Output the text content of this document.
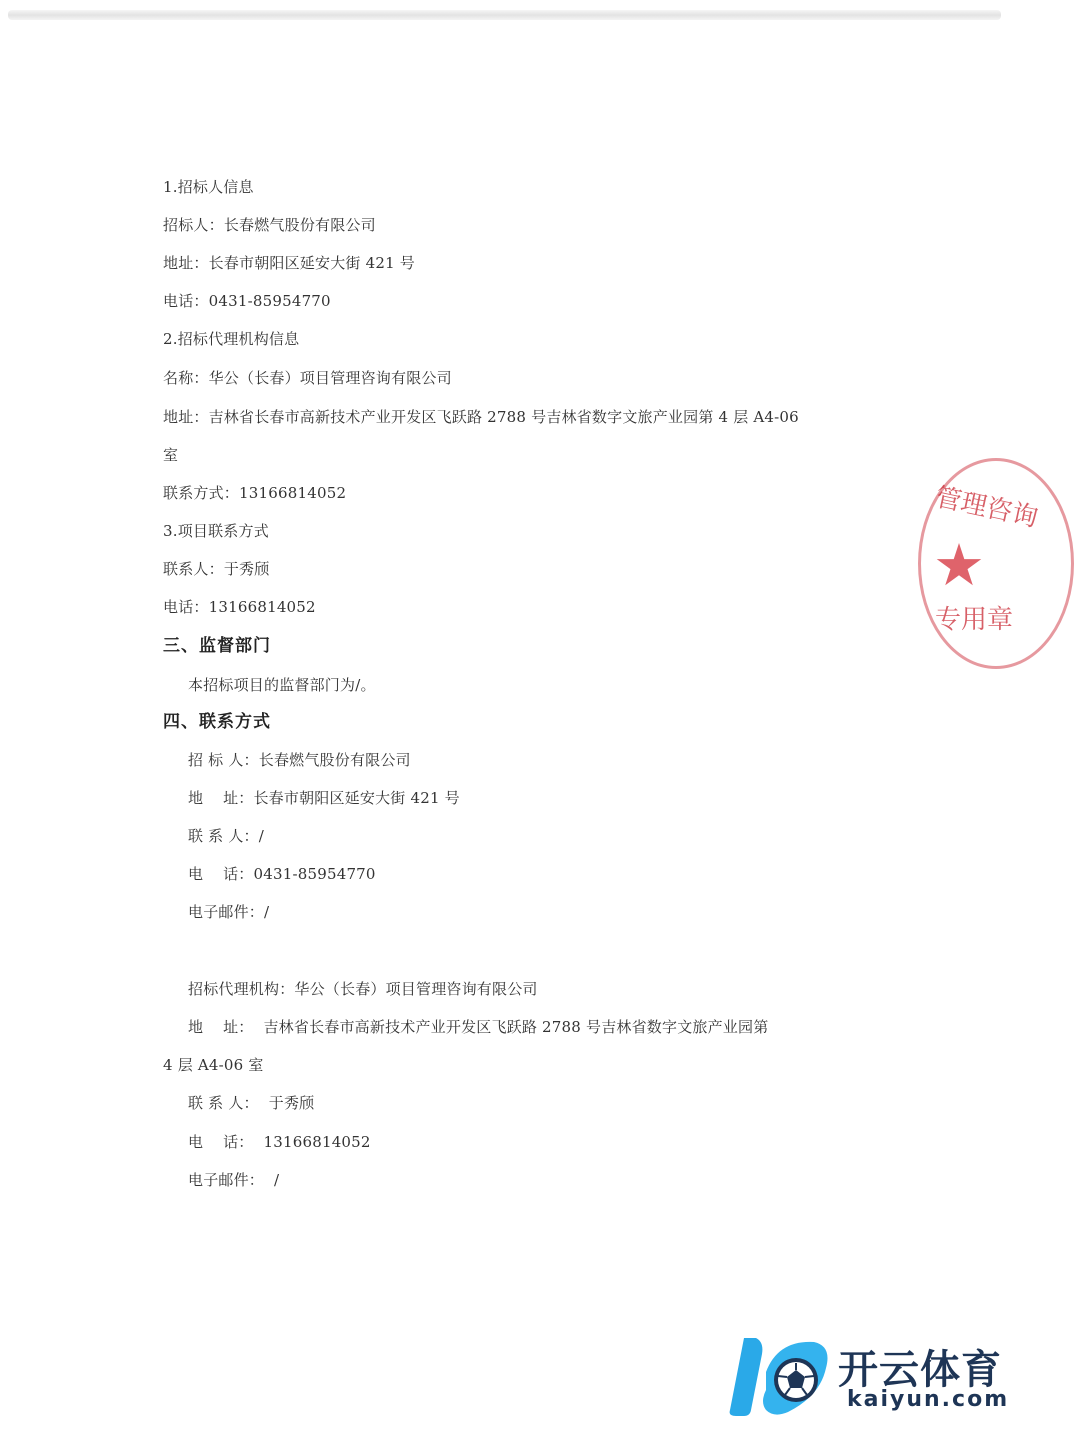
1.招标人信息
招标人：长春燃气股份有限公司
地址：长春市朝阳区延安大街 421 号
电话：0431-85954770
2.招标代理机构信息
名称：华公（长春）项目管理咨询有限公司
地址：吉林省长春市高新技术产业开发区飞跃路 2788 号吉林省数字文旅产业园第 4 层 A4-06
室
联系方式：13166814052
3.项目联系方式
联系人：于秀颀
电话：13166814052
三、监督部门
本招标项目的监督部门为/。
四、联系方式
招 标 人：长春燃气股份有限公司
地    址：长春市朝阳区延安大街 421 号
联 系 人：/
电    话：0431-85954770
电子邮件：/
招标代理机构：华公（长春）项目管理咨询有限公司
地    址： 吉林省长春市高新技术产业开发区飞跃路 2788 号吉林省数字文旅产业园第
4 层 A4-06 室
联 系 人： 于秀颀
电    话： 13166814052
电子邮件： /
管理咨询
★
专用章
开云体育
kaiyun.com
